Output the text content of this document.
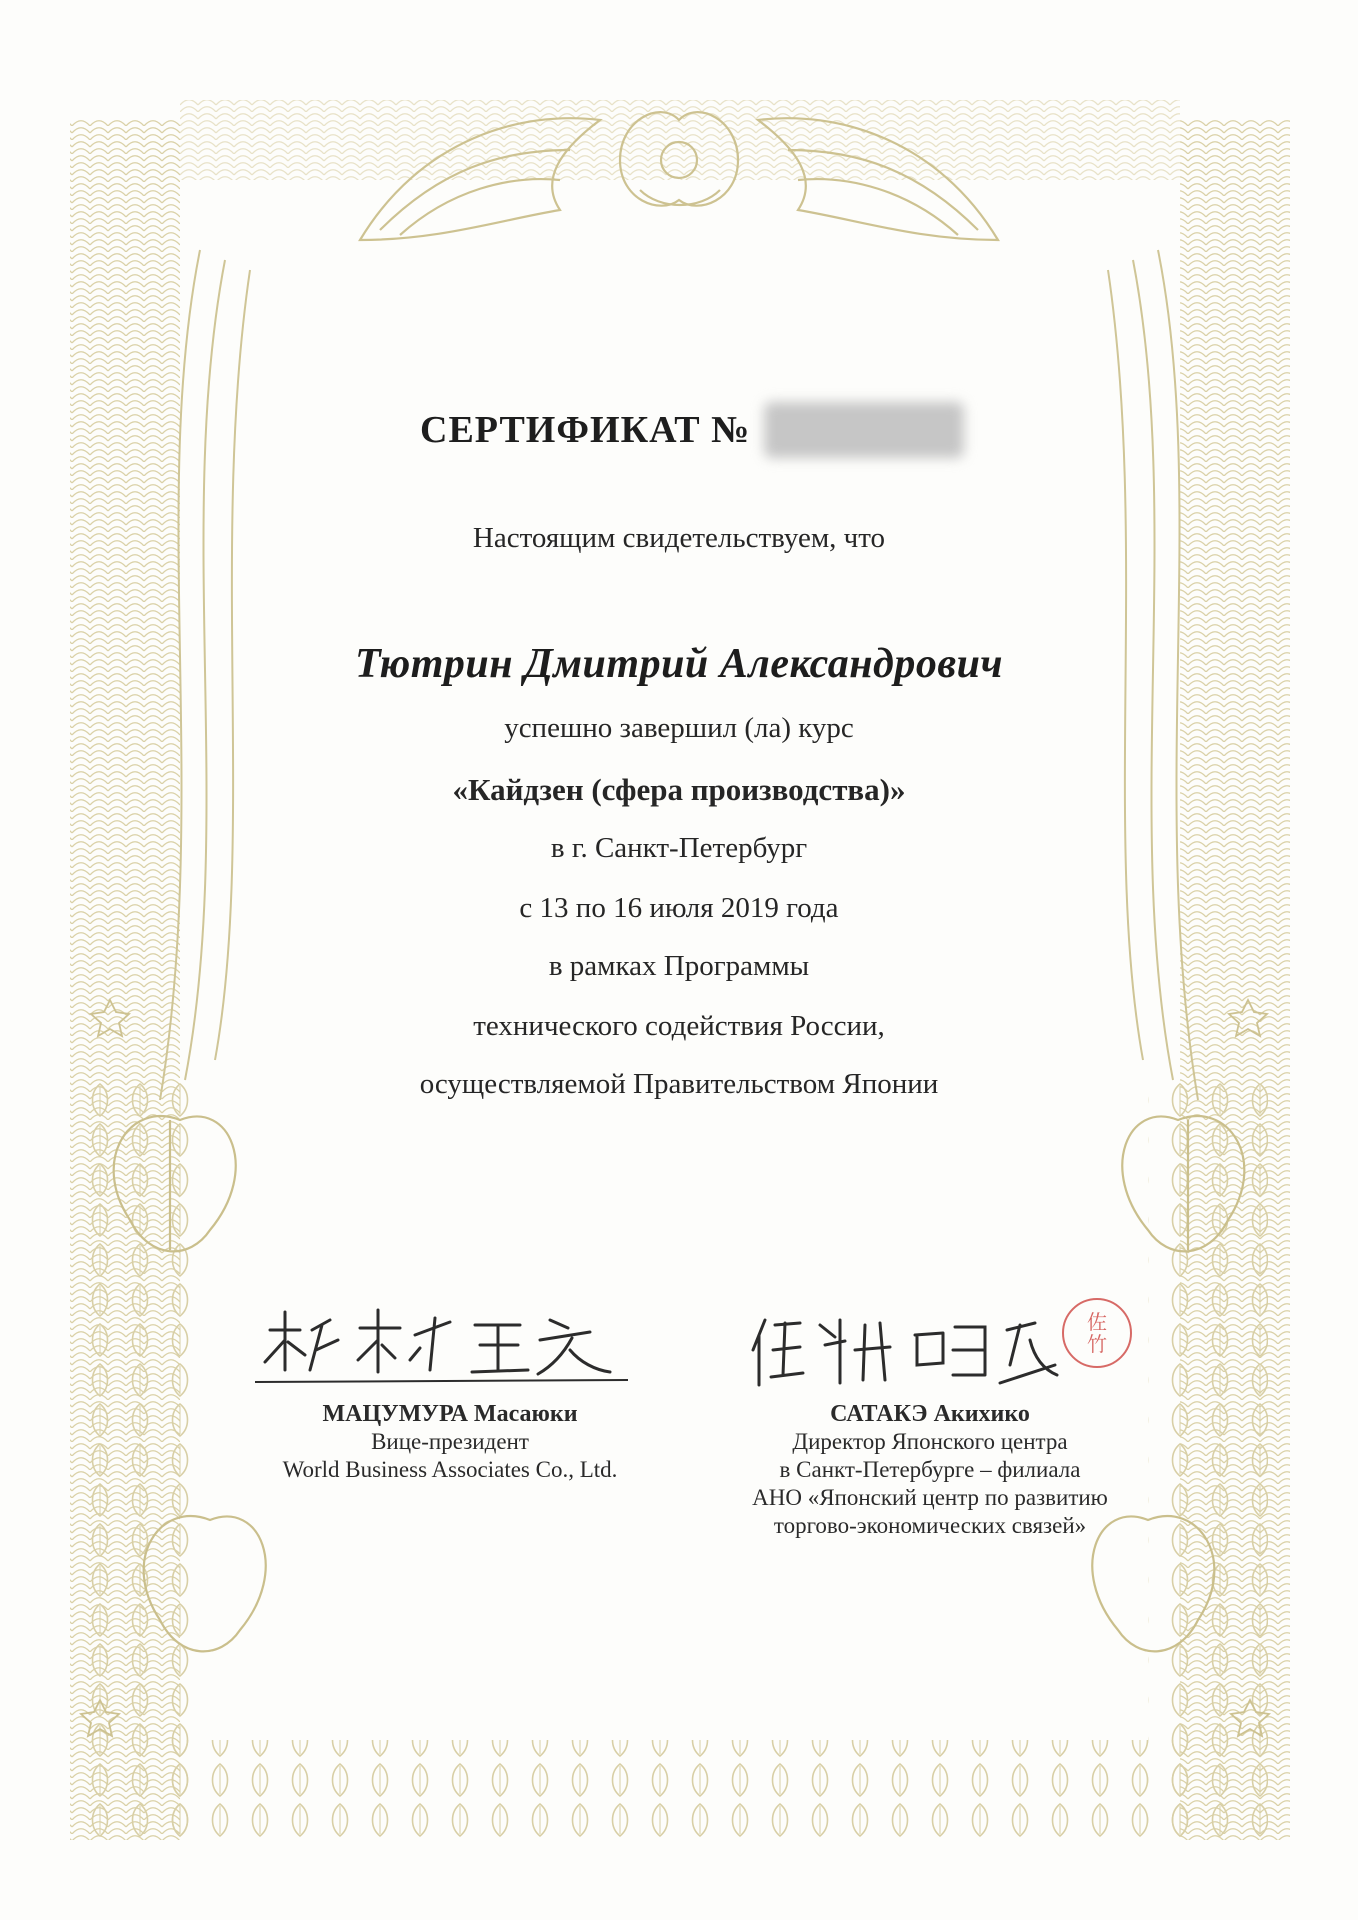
СЕРТИФИКАТ №
Настоящим свидетельствуем, что
Тютрин Дмитрий Александрович
успешно завершил (ла) курс
«Кайдзен (сфера производства)»
в г. Санкт-Петербург
с 13 по 16 июля 2019 года
в рамках Программы
технического содействия России,
осуществляемой Правительством Японии
佐
竹
МАЦУМУРА Масаюки
Вице-президент
World Business Associates Co., Ltd.
САТАКЭ Акихико
Директор Японского центра
в Санкт-Петербурге – филиала
АНО «Японский центр по развитию
торгово-экономических связей»
